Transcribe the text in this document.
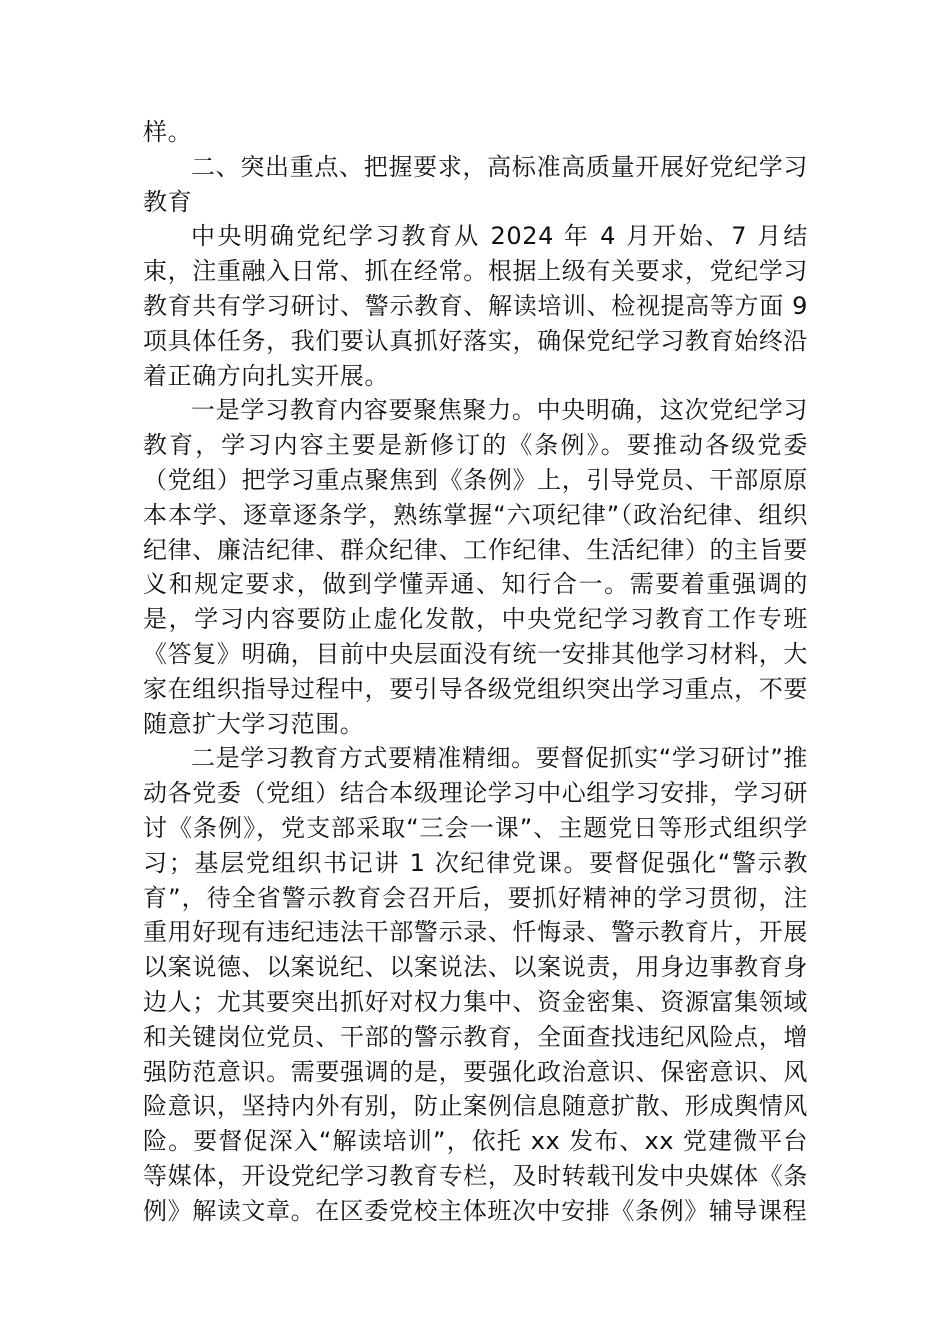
样。

二、突出重点、把握要求，高标准高质量开展好党纪学习教育

中央明确党纪学习教育从 2024 年 4 月开始、7 月结束，注重融入日常、抓在经常。根据上级有关要求，党纪学习教育共有学习研讨、警示教育、解读培训、检视提高等方面 9 项具体任务，我们要认真抓好落实，确保党纪学习教育始终沿着正确方向扎实开展。

一是学习教育内容要聚焦聚力。中央明确，这次党纪学习教育，学习内容主要是新修订的《条例》。要推动各级党委（党组）把学习重点聚焦到《条例》上，引导党员、干部原原本本学、逐章逐条学，熟练掌握“六项纪律”（政治纪律、组织纪律、廉洁纪律、群众纪律、工作纪律、生活纪律）的主旨要义和规定要求，做到学懂弄通、知行合一。需要着重强调的是，学习内容要防止虚化发散，中央党纪学习教育工作专班《答复》明确，目前中央层面没有统一安排其他学习材料，大家在组织指导过程中，要引导各级党组织突出学习重点，不要随意扩大学习范围。

二是学习教育方式要精准精细。要督促抓实“学习研讨”推动各党委（党组）结合本级理论学习中心组学习安排，学习研讨《条例》，党支部采取“三会一课”、主题党日等形式组织学习；基层党组织书记讲 1 次纪律党课。要督促强化“警示教育”，待全省警示教育会召开后，要抓好精神的学习贯彻，注重用好现有违纪违法干部警示录、忏悔录、警示教育片，开展以案说德、以案说纪、以案说法、以案说责，用身边事教育身边人；尤其要突出抓好对权力集中、资金密集、资源富集领域和关键岗位党员、干部的警示教育，全面查找违纪风险点，增强防范意识。需要强调的是，要强化政治意识、保密意识、风险意识，坚持内外有别，防止案例信息随意扩散、形成舆情风险。要督促深入“解读培训”，依托 xx 发布、xx 党建微平台等媒体，开设党纪学习教育专栏，及时转载刊发中央媒体《条例》解读文章。在区委党校主体班次中安排《条例》辅导课程
